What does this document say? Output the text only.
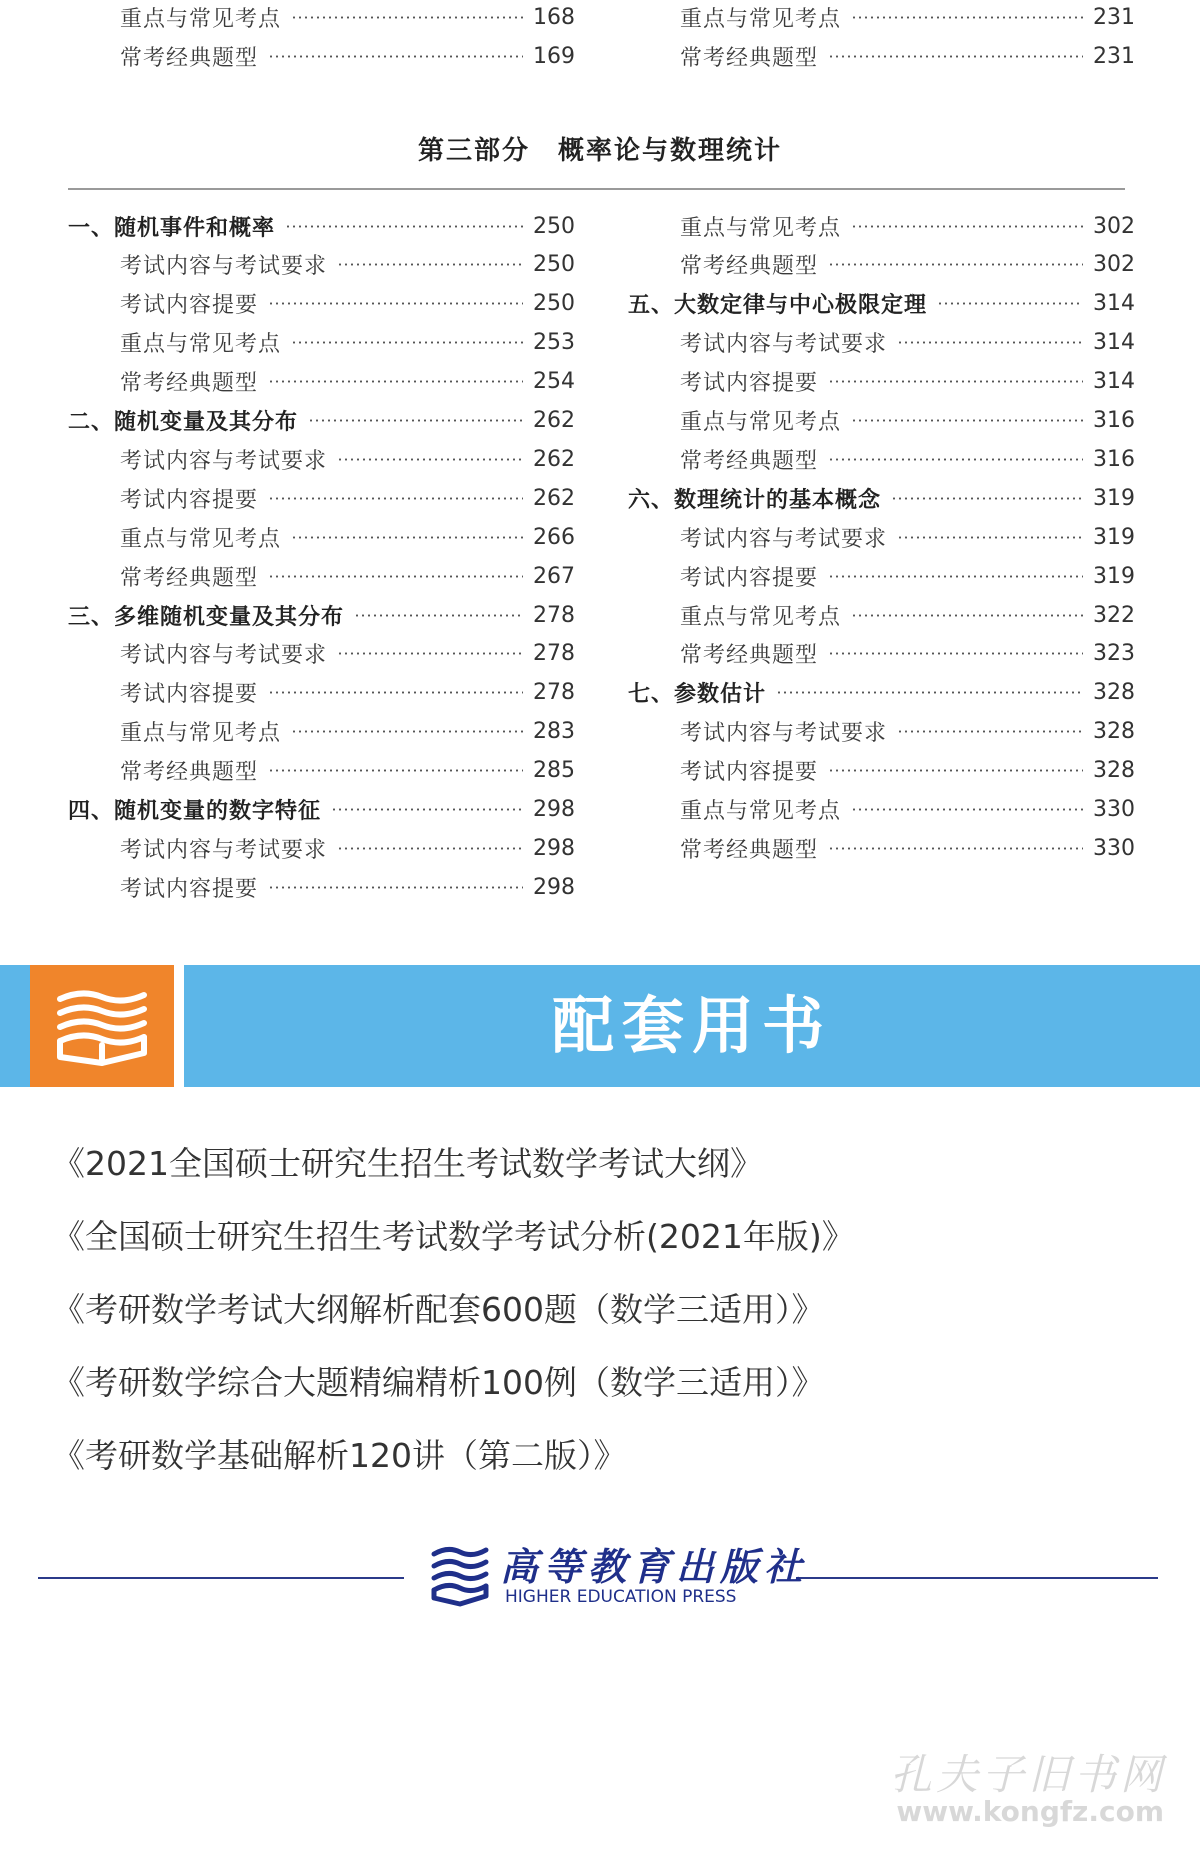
重点与常见考点	168
常考经典题型	169
重点与常见考点	231
常考经典题型	231
第三部分　概率论与数理统计
一、随机事件和概率	250
考试内容与考试要求	250
考试内容提要	250
重点与常见考点	253
常考经典题型	254
二、随机变量及其分布	262
考试内容与考试要求	262
考试内容提要	262
重点与常见考点	266
常考经典题型	267
三、多维随机变量及其分布	278
考试内容与考试要求	278
考试内容提要	278
重点与常见考点	283
常考经典题型	285
四、随机变量的数字特征	298
考试内容与考试要求	298
考试内容提要	298
重点与常见考点	302
常考经典题型	302
五、大数定律与中心极限定理	314
考试内容与考试要求	314
考试内容提要	314
重点与常见考点	316
常考经典题型	316
六、数理统计的基本概念	319
考试内容与考试要求	319
考试内容提要	319
重点与常见考点	322
常考经典题型	323
七、参数估计	328
考试内容与考试要求	328
考试内容提要	328
重点与常见考点	330
常考经典题型	330
配套用书
《2021全国硕士研究生招生考试数学考试大纲》
《全国硕士研究生招生考试数学考试分析(2021年版)》
《考研数学考试大纲解析配套600题（数学三适用）》
《考研数学综合大题精编精析100例（数学三适用）》
《考研数学基础解析120讲（第二版）》
高等教育出版社
HIGHER EDUCATION PRESS
孔夫子旧书网
www.kongfz.com
